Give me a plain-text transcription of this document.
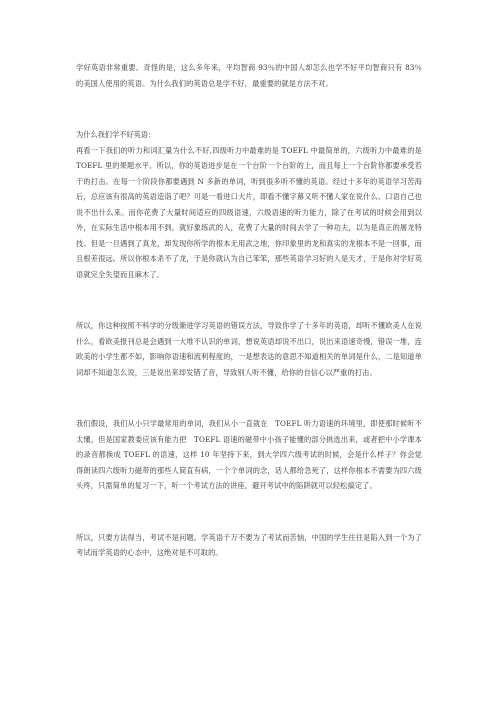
学好英语非常重要。奇怪的是，这么多年来，平均智商 93％的中国人却怎么也学不好平均智商只有 83％的美国人使用的英语。为什么我们的英语总是学不好，最重要的就是方法不对。

为什么我们学不好英语：

再看一下我们的听力和词汇量为什么不好,四级听力中最难的是 TOEFL 中最简单的，六级听力中最难的是 TOEFL 里的果题水平。所以，你的英语进步是在一个台阶一个台阶的上，而且每上一个台阶你都要承受若干的打击。在每一个阶段你都要遇到 N 多新的单词，听到很多听不懂的英语。经过十多年的英语学习苦海后，总应该有很高的英语造诣了吧？可是一看进口大片，即看不懂字幕又听不懂人家在说什么。口语自己也说不出什么来。而你花费了大量时间适应的四级语速，六级语速的听力能力，除了在考试的时候会用到以外，在实际生活中根本用不到。就好象练武的人，花费了大量的时间去学了一种功夫，以为是真正的屠龙特技。但是一旦遇到了真龙，却发现你所学的根本无用武之地，你印象里的龙和真实的龙根本不是一回事，而且根差很远。所以你根本杀不了龙，于是你就认为自己笨笨，那些英语学习好的人是天才，于是你对学好英语就完全失望而且麻木了。

所以，你这种按照不科学的分级渐进学习英语的错误方法，导致你学了十多年的英语，却听不懂欧美人在说什么，看欧美报刊总是会遇到一大堆不认识的单词，想说英语却说不出口，说出来语速奇慢，错误一堆，连欧美的小学生都不如，影响你语速和流利程度的，一是想表达的意思不知道相关的单词是什么，二是知道单词却不知道怎么说，三是说出来却发错了音，导致别人听不懂，给你的自信心以严重的打击。

我们假设，我们从小只学最常用的单词，我们从小一直就在　TOEFL 听力语速的环境里，即使那时候听不太懂，但是国家教委应该有能力把　TOEFL 语速的磁带中小孩子能懂的部分挑选出来，或者把中小学课本的录音都换成 TOEFL 的语速，这样 10 年坚持下来，到大学四六级考试的时候，会是什么样子？你会觉得朗读四六级听力磁带的那些人简直有病，一个个单词的念，话人都给急死了，这样你根本不需要为四六级头疼，只需简单的复习一下，听一个考试方法的讲座，避开考试中的陷阱就可以轻松搞定了。

所以，只要方法得当，考试不是问题。学英语千万不要为了考试而苦恼，中国的学生往往是陷入到一个为了考试而学英语的心态中，这绝对是不可取的。
